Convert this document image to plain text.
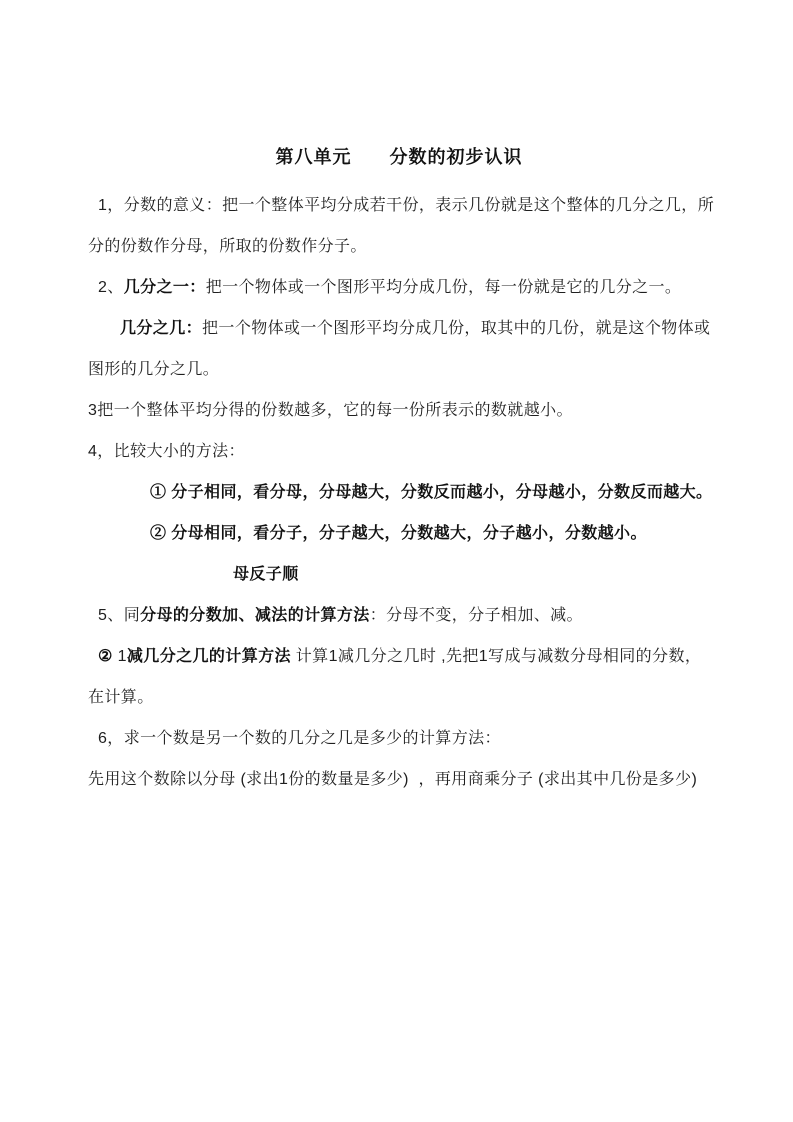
第八单元　　分数的初步认识

1，分数的意义：把一个整体平均分成若干份，表示几份就是这个整体的几分之几，所

分的份数作分母，所取的份数作分子。

2、几分之一：把一个物体或一个图形平均分成几份，每一份就是它的几分之一。

几分之几：把一个物体或一个图形平均分成几份，取其中的几份，就是这个物体或

图形的几分之几。

3把一个整体平均分得的份数越多，它的每一份所表示的数就越小。

4，比较大小的方法：

① 分子相同，看分母，分母越大，分数反而越小，分母越小，分数反而越大。

② 分母相同，看分子，分子越大，分数越大，分子越小，分数越小。

母反子顺

5、同分母的分数加、减法的计算方法：分母不变，分子相加、减。

② 1减几分之几的计算方法 计算1减几分之几时 ,先把1写成与减数分母相同的分数，

在计算。

6，求一个数是另一个数的几分之几是多少的计算方法：

先用这个数除以分母 (求出1份的数量是多少)  ，再用商乘分子 (求出其中几份是多少)
